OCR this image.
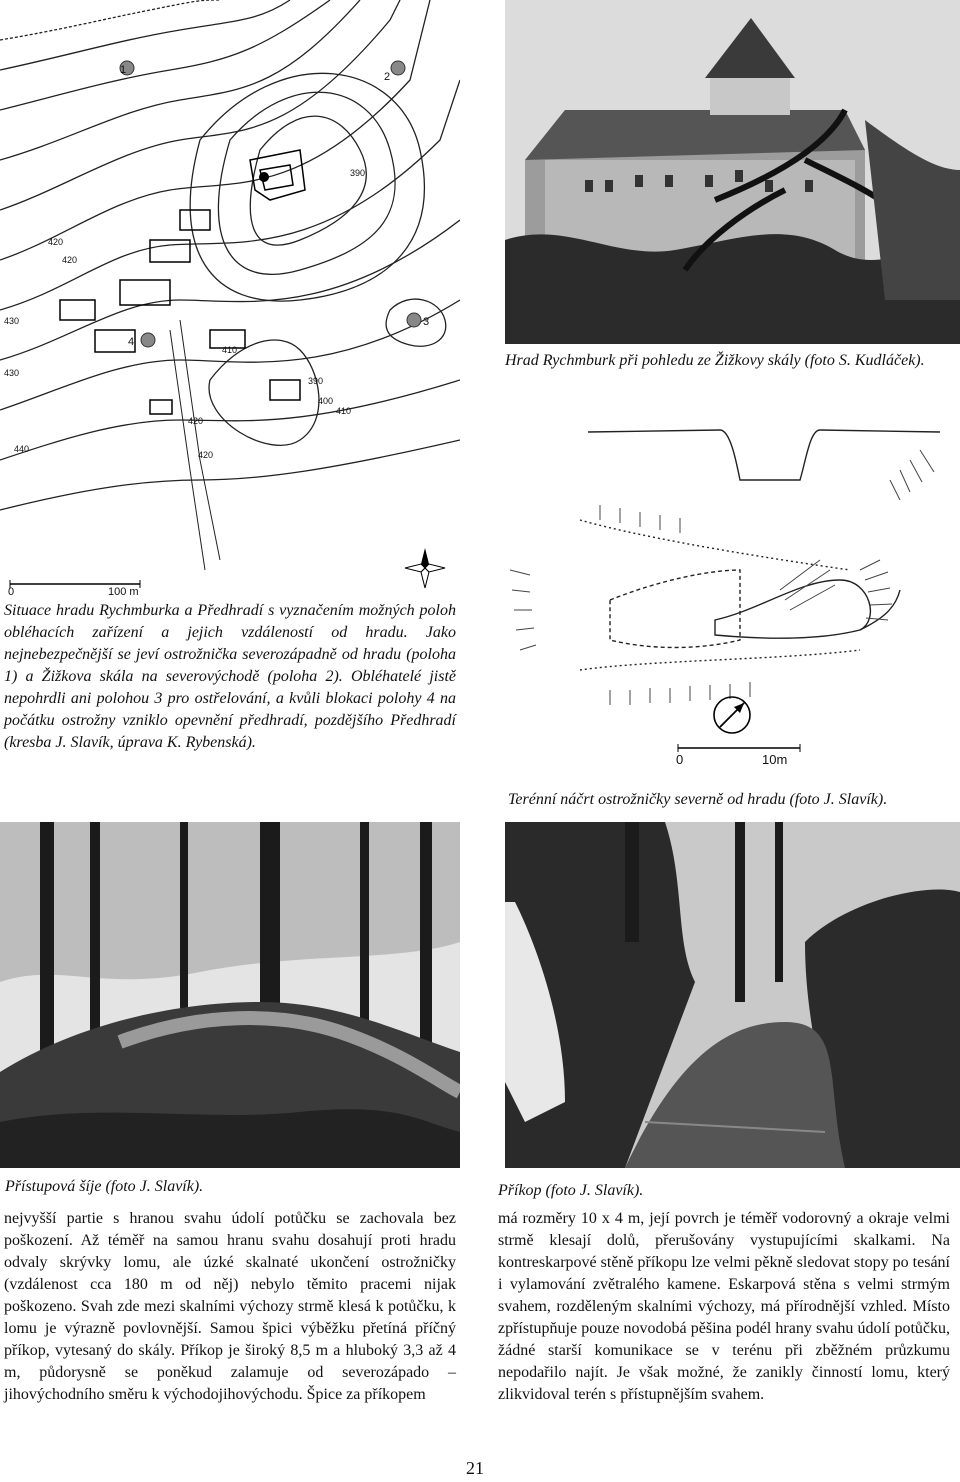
1
2
3
4
390
420
420
430
410
390
400
410
430
420
420
440
0	100 m
Situace hradu Rychmburka a Předhradí s vyznačením možných poloh obléhacích zařízení a jejich vzdáleností od hradu. Jako nejnebezpečnější se jeví ostrožnička severozápadně od hradu (poloha 1) a Žižkova skála na severovýchodě (poloha 2). Obléhatelé jistě nepohrdli ani polohou 3 pro ostřelování, a kvůli blokaci polohy 4 na počátku ostrožny vzniklo opevnění předhradí, pozdějšího Předhradí (kresba J. Slavík, úprava K. Rybenská).
Hrad Rychmburk při pohledu ze Žižkovy skály (foto S. Kudláček).
0	10m
Terénní náčrt ostrožničky severně od hradu (foto J. Slavík).
Přístupová šíje (foto J. Slavík).	Příkop (foto J. Slavík).
nejvyšší partie s hranou svahu údolí potůčku se zachovala bez poškození. Až téměř na samou hranu svahu dosahují proti hradu odvaly skrývky lomu, ale úzké skalnaté ukončení ostrožničky (vzdálenost cca 180 m od něj) nebylo těmito pracemi nijak poškozeno. Svah zde mezi skalními výchozy strmě klesá k potůčku, k lomu je výrazně povlovnější. Samou špici výběžku přetíná příčný příkop, vytesaný do skály. Příkop je široký 8,5 m a hluboký 3,3 až 4 m, půdorysně se poněkud zalamuje od severozápado – jihovýchodního směru k východojihovýchodu. Špice za příkopem
má rozměry 10 x 4 m, její povrch je téměř vodorovný a okraje velmi strmě klesají dolů, přerušovány vystupujícími skalkami. Na kontreskarpové stěně příkopu lze velmi pěkně sledovat stopy po tesání i vylamování zvětralého kamene. Eskarpová stěna s velmi strmým svahem, rozděleným skalními výchozy, má přírodnější vzhled. Místo zpřístupňuje pouze novodobá pěšina podél hrany svahu údolí potůčku, žádné starší komunikace se v terénu při zběžném průzkumu nepodařilo najít. Je však možné, že zanikly činností lomu, který zlikvidoval terén s přístupnějším svahem.
21
